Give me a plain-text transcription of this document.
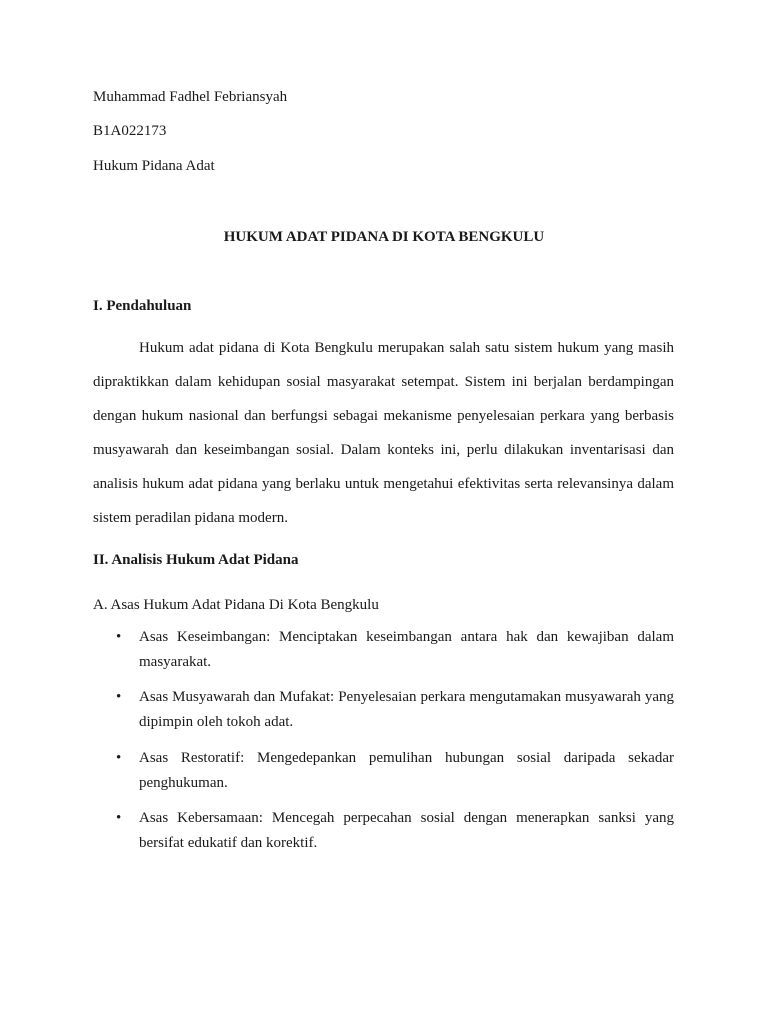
Muhammad Fadhel Febriansyah

B1A022173

Hukum Pidana Adat

HUKUM ADAT PIDANA DI KOTA BENGKULU

I. Pendahuluan

Hukum adat pidana di Kota Bengkulu merupakan salah satu sistem hukum yang masih dipraktikkan dalam kehidupan sosial masyarakat setempat. Sistem ini berjalan berdampingan dengan hukum nasional dan berfungsi sebagai mekanisme penyelesaian perkara yang berbasis musyawarah dan keseimbangan sosial. Dalam konteks ini, perlu dilakukan inventarisasi dan analisis hukum adat pidana yang berlaku untuk mengetahui efektivitas serta relevansinya dalam sistem peradilan pidana modern.

II. Analisis Hukum Adat Pidana

A. Asas Hukum Adat Pidana Di Kota Bengkulu

• Asas Keseimbangan: Menciptakan keseimbangan antara hak dan kewajiban dalam masyarakat.

• Asas Musyawarah dan Mufakat: Penyelesaian perkara mengutamakan musyawarah yang dipimpin oleh tokoh adat.

• Asas Restoratif: Mengedepankan pemulihan hubungan sosial daripada sekadar penghukuman.

• Asas Kebersamaan: Mencegah perpecahan sosial dengan menerapkan sanksi yang bersifat edukatif dan korektif.
